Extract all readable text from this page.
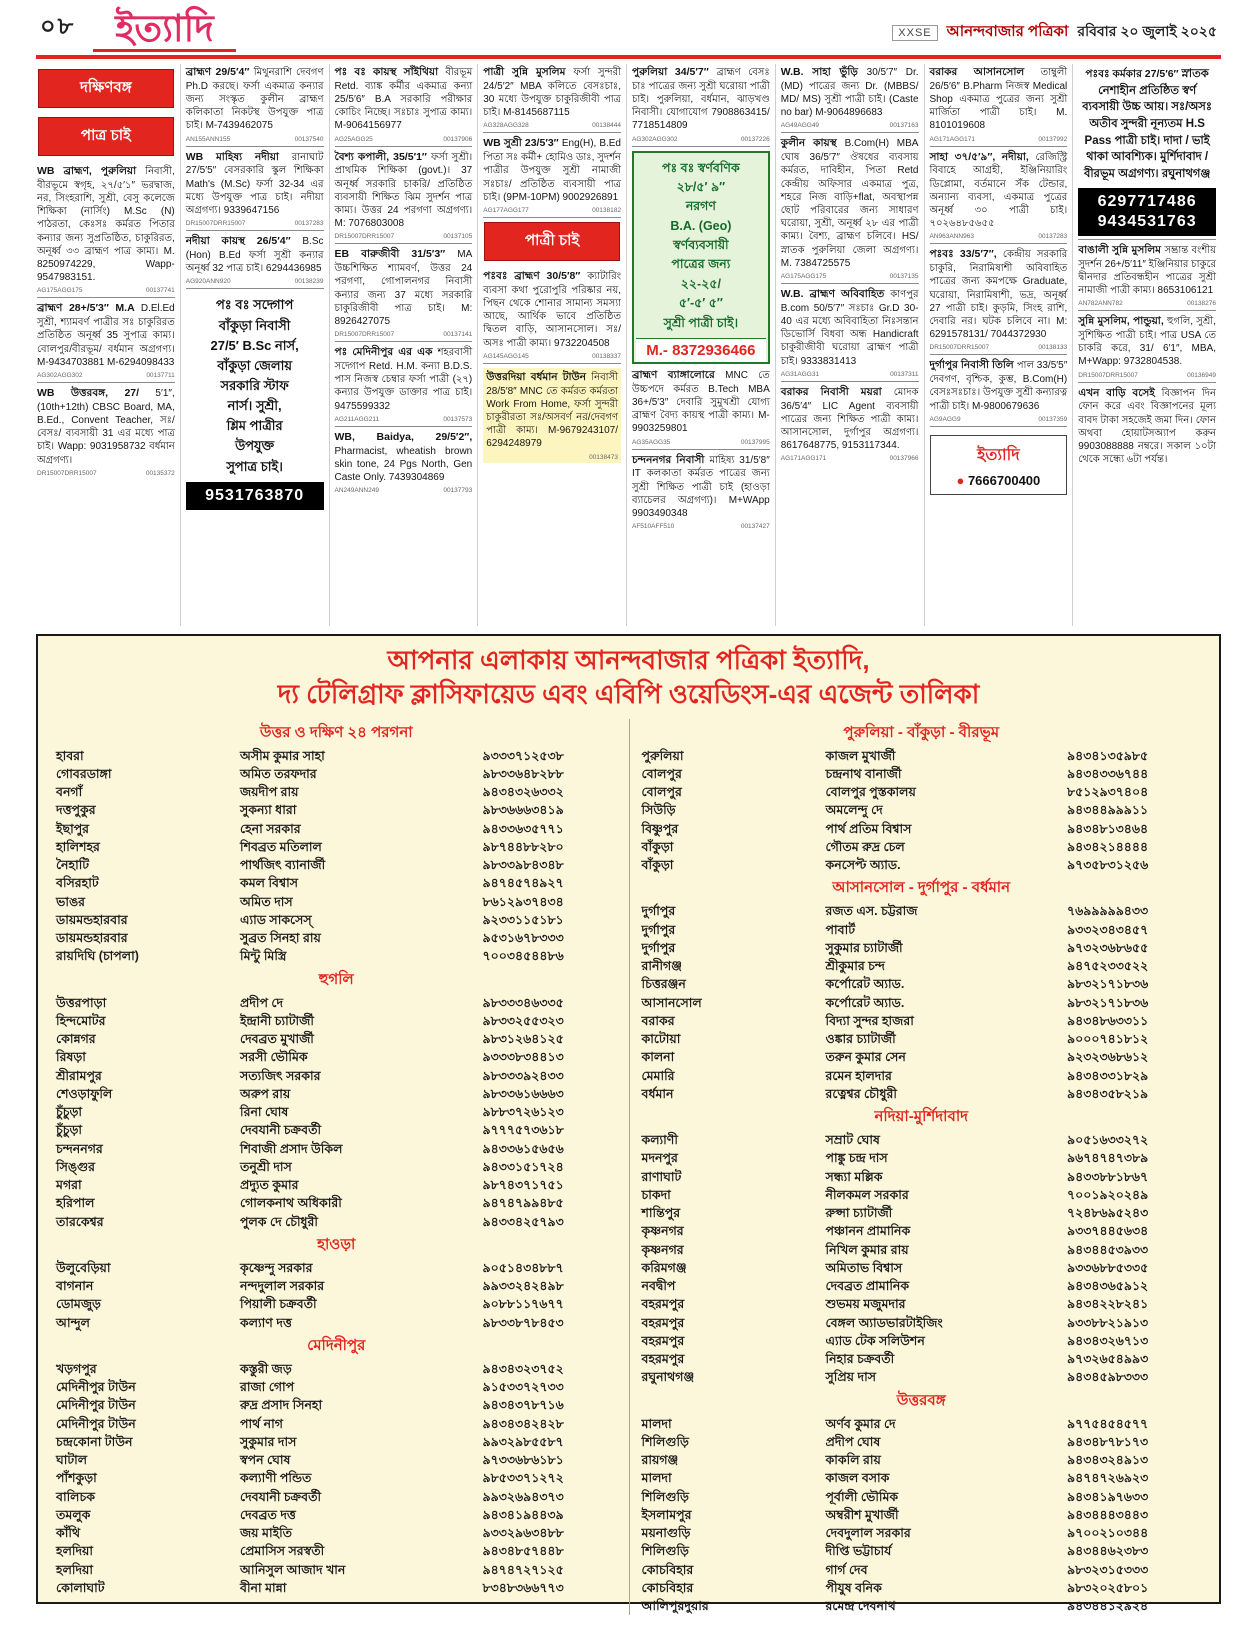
০৮	ইত্যাদি	XXSE	আনন্দবাজার পত্রিকা রবিবার ২০ জুলাই ২০২৫
দক্ষিণবঙ্গ
পাত্র চাই

WB ব্রাহ্মণ, পুরুলিয়া নিবাসী, বীরভূমে স্বগৃহ, ২৭/৫′১″ ভরদ্বাজ, নর, সিংহরাশি, সুশ্রী, বেসু কলেজে শিক্ষিকা (নার্সিং) M.Sc (N) পাঠরতা, কেঃসঃ কর্মরত পিতার কন্যার জন্য সুপ্রতিষ্ঠিত, চাকুরিরত, অনূর্ধ্ব ৩৩ ব্রাহ্মণ পাত্র কাম্য। M. 8250974229, Wapp- 9547983151.

AG175AGG175	00137741

ব্রাহ্মণ 28+/5′3″ M.A D.El.Ed সুশ্রী, শ্যামবর্ণ পাত্রীর সঃ চাকুরিরত প্রতিষ্ঠিত অনূর্ধ্ব 35 সুপাত্র কাম্য। বোলপুর/বীরভূম/ বর্ধমান অগ্রগণ্য। M-9434703881 M-6294098433

AG302AGG302	00137711

WB উত্তরবঙ্গ, 27/ 5′1″, (10th+12th) CBSC Board, MA, B.Ed., Convent Teacher, সঃ/ বেসঃ/ ব্যবসায়ী 31 এর মধ্যে পাত্র চাই। Wapp: 9031958732 বর্ধমান অগ্রগণ্য।

DR15007DRR15007	00135372

ব্রাহ্মণ 29/5′4″ মিথুনরাশি দেবগণ Ph.D করছে। ফর্সা একমাত্র কন্যার জন্য সংস্কৃত কুলীন ব্রাহ্মণ কলিকাতা নিকটস্থ উপযুক্ত পাত্র চাই। M-7439462075

AN155ANN155	00137540

WB মাহিষ্য নদীয়া রানাঘাট 27/5′5″ বেসরকারি স্কুল শিক্ষিকা Math's (M.Sc) ফর্সা 32-34 এর মধ্যে উপযুক্ত পাত্র চাই। নদীয়া অগ্রগণ্য। 9339647156

DR15007DRR15007	00137283

নদীয়া কায়স্থ 26/5′4″ B.Sc (Hon) B.Ed ফর্সা সুশ্রী কন্যার অনূর্ধ্ব 32 পাত্র চাই। 6294436985

AG920ANN920	00138239
পঃ বঃ সদ্গোপ
বাঁকুড়া নিবাসী
27/5′ B.Sc নার্স,
বাঁকুড়া জেলায়
সরকারি স্টাফ
নার্স। সুশ্রী,
শ্লিম পাত্রীর
উপযুক্ত
সুপাত্র চাই।
9531763870

পঃ বঃ কায়স্থ সাঁইথিয়া বীরভূম Retd. ব্যাঙ্ক কর্মীর একমাত্র কন্যা 25/5′6″ B.A সরকারি পরীক্ষার কোচিং নিচ্ছে। সঃচাঃ সুপাত্র কাম্য। M-9064156977

AG25AGG25	00137906

বৈশ্য কপালী, 35/5′1″ ফর্সা সুশ্রী। প্রাথমিক শিক্ষিকা (govt.)। 37 অনূর্ধ্ব সরকারি চাকরি/ প্রতিষ্ঠিত ব্যবসায়ী শিক্ষিত ঝিম সুদর্শন পাত্র কাম্য। উত্তর 24 পরগণা অগ্রগণ্য। M: 7076803008

DR15007DRR15007	00137105

EB বারুজীবী 31/5′3″ MA উচ্চশিক্ষিত শ্যামবর্ণ, উত্তর 24 পরগণা, গোপালনগর নিবাসী কন্যার জন্য 37 মধ্যে সরকারি চাকুরিজীবী পাত্র চাই। M: 8926427075

DR15007DRR15007	00137141

পঃ মেদিনীপুর এর এক শহরবাসী সদ্গোপ Retd. H.M. কন্যা B.D.S. পাস নিজস্ব চেম্বার ফর্সা পাত্রী (২৭) কন্যার উপযুক্ত ডাক্তার পাত্র চাই। 9475599332

AG211AGG211	00137573

WB, Baidya, 29/5′2″, Pharmacist, wheatish brown skin tone, 24 Pgs North, Gen Caste Only. 7439304869

AN249ANN249	00137793

পাত্রী সুন্নি মুসলিম ফর্সা সুন্দরী 24/5′2″ MBA কলিতে বেসঃচাঃ, 30 মধ্যে উপযুক্ত চাকুরিজীবী পাত্র চাই। M-8145687115

AG328AGG328	00138444

WB সুশ্রী 23/5′3″ Eng(H), B.Ed পিতা সঃ কর্মী+ হোমিও ডাঃ, সুদর্শন পাত্রীর উপযুক্ত সুশ্রী নামাজী সঃচাঃ/ প্রতিষ্ঠিত ব্যবসায়ী পাত্র চাই। (9PM-10PM) 9002926891

AG177AGG177	00138182
পাত্রী চাই

পঃবঃ ব্রাহ্মণ 30/5′8″ ক্যাটারিং ব্যবসা কথা পুরোপুরি পরিষ্কার নয়, পিছন থেকে শোনার সামান্য সমস্যা আছে, আর্থিক ভাবে প্রতিষ্ঠিত দ্বিতল বাড়ি, আসানসোল। সঃ/অসঃ পাত্রী কাম্য। 9732204508

AG145AGG145	00138337

উত্তরদিয়া বর্ধমান টাউন নিবাসী 28/5′8″ MNC তে কর্মরত কর্মরতা Work From Home, ফর্সা সুন্দরী চাকুরীরতা সঃ/অসবর্ণ নর/দেবগণ পাত্রী কাম্য। M-9679243107/ 6294248979

00138473

পুরুলিয়া 34/5′7″ ব্রাহ্মণ বেসঃ চাঃ পাত্রের জন্য সুশ্রী ঘরোয়া পাত্রী চাই। পুরুলিয়া, বর্ধমান, ঝাড়খণ্ড নিবাসী। যোগাযোগ 7908863415/ 7718514809

AG302AGG302	00137226
পঃ বঃ স্বর্ণবণিক
২৮/৫′ ৯″
নরগণ
B.A. (Geo)
স্বর্ণব্যবসায়ী
পাত্রের জন্য
২২-২৫/
৫′-৫′ ৫″
সুশ্রী পাত্রী চাই।
M.- 8372936466

ব্রাহ্মণ ব্যাঙ্গালোরে MNC তে উচ্চপদে কর্মরত B.Tech MBA 36+/5′3″ দেবারি সুমুখশ্রী যোগ্য ব্রাহ্মণ বৈদ্য কায়স্থ পাত্রী কাম্য। M-9903259801

AG35AGG35	00137995

চন্দননগর নিবাসী মাহিষ্য 31/5′8″ IT কলকাতা কর্মরত পাত্রের জন্য সুশ্রী শিক্ষিত পাত্রী চাই (হাওড়া ব্যাচেলর অগ্রগণ্য)। M+WApp 9903490348

AF510AFF510	00137427

W.B. সাহা ভুঁড়ি 30/5′7″ Dr. (MD) পাত্রের জন্য Dr. (MBBS/ MD/ MS) সুশ্রী পাত্রী চাই। (Caste no bar) M-9064896683

AG49AGG49	00137163

কুলীন কায়স্থ B.Com(H) MBA ঘোষ 36/5′7″ ঔষধের ব্যবসায় কর্মরত, দাবিহীন, পিতা Retd কেন্দ্রীয় অফিসার একমাত্র পুত্র, শহরে নিজ বাড়ি+flat, অবস্থাপন্ন ছোট পরিবারের জন্য সাধারণ ঘরোয়া, সুশ্রী, অনূর্ধ্ব ২৮ এর পাত্রী কাম্য। বৈশ্য, ব্রাহ্মণ চলিবে। HS/স্নাতক পুরুলিয়া জেলা অগ্রগণ্য। M. 7384725575

AG175AGG175	00137135

W.B. ব্রাহ্মণ অবিবাহিত কাণপুর B.com 50/5′7″ সঃচাঃ Gr.D 30-40 এর মধ্যে অবিবাহিতা নিঃসন্তান ডিভোর্সি বিধবা অন্ধ Handicraft চাকুরীজীবী ঘরোয়া ব্রাহ্মণ পাত্রী চাই। 9333831413

AG31AGG31	00137311

বরাকর নিবাসী ময়রা মোদক 36/5′4″ LIC Agent ব্যবসায়ী পাত্রের জন্য শিক্ষিত পাত্রী কাম্য। আসানসোল, দুর্গাপুর অগ্রগণ্য। 8617648775, 9153117344.

AG171AGG171	00137966

বরাকর আসানসোল তাম্বুলী 26/5′6″ B.Pharm নিজস্ব Medical Shop একমাত্র পুত্রের জন্য সুশ্রী মার্জিতা পাত্রী চাই। M. 8101019608

AG171AGG171	00137992

সাহা ৩৭/৫′৯″, নদীয়া, রেজিস্ট্রি বিবাহে আগ্রহী, ইঞ্জিনিয়ারিং ডিপ্লোমা, বর্তমানে সঁক টেন্ডার, অন্যান্য ব্যবসা, একমাত্র পুত্রের অনূর্ধ্ব ৩০ পাত্রী চাই। ৭০২৬৪৮৫৬৫৫

AN963ANN963	00137283

পঃবঃ 33/5′7″, কেন্দ্রীয় সরকারি চাকুরি, নিরামিষাশী অবিবাহিত পাত্রের জন্য কমপক্ষে Graduate, ঘরোয়া, নিরামিষাশী, ভদ্র, অনূর্ধ্ব 27 পাত্রী চাই। কুড়মি, সিংহ রাশি, দেবারি নর। ঘটক চলিবে না। M: 6291578131/ 7044372930

DR15007DRR15007	00138133

দুর্গাপুর নিবাসী তিলি পাল 33/5′5″ দেবগণ, বৃশ্চিক, কুম্ভ, B.Com(H) বেসঃসঃচাঃ। উপযুক্ত সুশ্রী কন্যারত্ন পাত্রী চাই। M-9800679636

AG9AGG9	00137359
ইত্যাদি
● 7666700400

পঃবঃ কর্মকার 27/5′6″ স্নাতক নেশাহীন প্রতিষ্ঠিত স্বর্ণ ব্যবসায়ী উচ্চ আয়। সঃ/অসঃ অতীব সুন্দরী নূন্যতম H.S Pass পাত্রী চাই। দাদা / ভাই থাকা আবশ্যিক। মুর্শিদাবাদ / বীরভূম অগ্রগণ্য। রঘুনাথগঞ্জ

6297717486
9434531763

বাঙালী সুন্নি মুসলিম সম্ভ্রান্ত বংশীয় সুদর্শন 26+/5′11″ ইঞ্জিনিয়ার চাকুরে দ্বীনদার প্রতিবন্ধহীন পাত্রের সুশ্রী নামাজী পাত্রী কাম্য। 8653106121

AN782ANN782	00138276

সুন্নি মুসলিম, পান্ডুয়া, হুগলি, সুশ্রী, সুশিক্ষিত পাত্রী চাই। পাত্র USA তে চাকরি করে, 31/ 6′1″, MBA, M+Wapp: 9732804538.

DR15007DRR15007	00136949

এখন বাড়ি বসেই বিজ্ঞাপন দিন ফোন করে এবং বিজ্ঞাপনের মূল্য বাবদ টাকা সহজেই জমা দিন। ফোন অথবা হোয়াটসঅ্যাপ করুন 9903088888 নম্বরে। সকাল ১০টা থেকে সন্ধ্যে ৬টা পর্যন্ত।

আপনার এলাকায় আনন্দবাজার পত্রিকা ইত্যাদি,
দ্য টেলিগ্রাফ ক্লাসিফায়েড এবং এবিপি ওয়েডিংস-এর এজেন্ট তালিকা
উত্তর ও দক্ষিণ ২৪ পরগনা
হাবরা	অসীম কুমার সাহা	৯৩৩৩৭১২৫৩৮
গোবরডাঙ্গা	অমিত তরফদার	৯৮৩৩৬৪৮২৮৮
বনগাঁ	জয়দীপ রায়	৯৪৩৪৩২৬৩৩২
দত্তপুকুর	সুকন্যা ধারা	৯৮৩৬৬৬৩৪১৯
ইছাপুর	হেনা সরকার	৯৪৩৩৬৩৫৭৭১
হালিশহর	শিবব্রত মতিলাল	৯৮৭৪৪৮৮২৮০
নৈহাটি	পার্থজিৎ ব্যানার্জী	৯৮৩৩৯৮৪৩৪৮
বসিরহাট	কমল বিশ্বাস	৯৪৭৪৫৭৪৯২৭
ভাঙর	অমিত দাস	৮৬১২৯৩৭৪৩৪
ডায়মন্ডহারবার	এ্যাড সাকসেস্	৯২৩৩১১৫১৮১
ডায়মন্ডহারবার	সুব্রত সিনহা রায়	৯৫৩১৬৭৮৩৩৩
রায়দিঘি (চাপলা)	মিন্টু মিস্ত্রি	৭০০৩৪৫৪৪৮৬
হুগলি
উত্তরপাড়া	প্রদীপ দে	৯৮৩৩৩৪৬৩৩৫
হিন্দমোটর	ইন্দ্রানী চ্যাটার্জী	৯৮৩৩২৫৫৩২৩
কোন্নগর	দেবব্রত মুখার্জী	৯৮৩১২৬৪১২৫
রিষড়া	সরসী ভৌমিক	৯৩৩৩৮৩৪৪১৩
শ্রীরামপুর	সত্যজিৎ সরকার	৯৮৩৩৩৯২৪৩৩
শেওড়াফুলি	অরুপ রায়	৯৮৩৩৬১৬৬৬৩
চুঁচুড়া	রিনা ঘোষ	৯৮৮৩৭২৬১২৩
চুঁচুড়া	দেবযানী চক্রবর্তী	৯৭৭৭৫৭৩৬১৮
চন্দননগর	শিবাজী প্রসাদ উকিল	৯৪৩৩৬১৫৬৫৬
সিঙ্গুর	তনুশ্রী দাস	৯৪৩৩১৫১৭২৪
মগরা	প্রদ্যুত কুমার	৯৮৭৪৩৭১৭৫১
হরিপাল	গোলকনাথ অধিকারী	৯৪৭৪৭৯৯৪৮৫
তারকেশ্বর	পুলক দে চৌধুরী	৯৪৩৩৪২৫৭৯৩
হাওড়া
উলুবেড়িয়া	কৃষ্ণেন্দু সরকার	৯০৫১৪৩৪৮৮৭
বাগনান	নন্দদুলাল সরকার	৯৯৩৩২৪২৪৯৮
ডোমজুড়	পিয়ালী চক্রবর্তী	৯০৮৮১১৭৬৭৭
আন্দুল	কল্যাণ দত্ত	৯৮৩৩৮৭৮৪৫৩
মেদিনীপুর
খড়গপুর	কস্তুরী জড়	৯৪৩৪৩২৩৭৫২
মেদিনীপুর টাউন	রাজা গোপ	৯১৫৩৩৭২৭৩৩
মেদিনীপুর টাউন	রুদ্র প্রসাদ সিনহা	৯৪৩৪৩৭৮৭১৬
মেদিনীপুর টাউন	পার্থ নাগ	৯৪৩৪৩৪২৪২৮
চন্দ্রকোনা টাউন	সুকুমার দাস	৯৯৩২৯৮৫৫৮৭
ঘাটাল	স্বপন ঘোষ	৯৭৩৩৬৮৬১৮১
পাঁশকুড়া	কল্যাণী পন্ডিত	৯৮৫৩৩৭১২৭২
বালিচক	দেবযানী চক্রবর্তী	৯৯৩২৬৯৪৩৭৩
তমলুক	দেবব্রত দত্ত	৯৪৩৪১৯৪৪৩৯
কাঁথি	জয় মাইতি	৯৩৩২৯৬৩৪৮৮
হলদিয়া	প্রেমাসিস সরস্বতী	৯৪৩৪৮৫৭৪৪৮
হলদিয়া	আনিসুল আজাদ খান	৯৪৭৪৭২৭১২৫
কোলাঘাট	বীনা মান্না	৮৩৪৮৩৬৬৭৭৩
পুরুলিয়া - বাঁকুড়া - বীরভূম
পুরুলিয়া	কাজল মুখার্জী	৯৪৩৪১৩৫৯৮৫
বোলপুর	চন্দ্রনাথ বানার্জী	৯৪৩৪৩৩৬৭৪৪
বোলপুর	বোলপুর পুস্তকালয়	৮৫১২৯৩৭৪০৪
সিউড়ি	অমলেন্দু দে	৯৪৩৪৪৯৯৯১১
বিষ্ণুপুর	পার্থ প্রতিম বিশ্বাস	৯৪৩৪৮১৩৪৬৪
বাঁকুড়া	গৌতম রুদ্র চেল	৯৪৩৪২১৪৪৪৪
বাঁকুড়া	কনসেপ্ট অ্যাড.	৯৭৩৫৮৩১২৫৬
আসানসোল - দুর্গাপুর - বর্ধমান
দুর্গাপুর	রজত এস. চট্টরাজ	৭৬৯৯৯৯৯৪৩৩
দুর্গাপুর	পাবার্ট	৯৩৩২৩৪৩৪৫৭
দুর্গাপুর	সুকুমার চ্যাটার্জী	৯৭৩২৩৬৮৬৫৫
রানীগঞ্জ	শ্রীকুমার চন্দ	৯৪৭৫২৩৩৫২২
চিত্তরঞ্জন	কর্পোরেট অ্যাড.	৯৮৩২১৭১৮৩৬
আসানসোল	কর্পোরেট অ্যাড.	৯৮৩২১৭১৮৩৬
বরাকর	বিদ্যা সুন্দর হাজরা	৯৪৩৪৮৬৩৩১১
কাটোয়া	ওঙ্কার চ্যাটার্জী	৯০০০৭৪১৮১২
কালনা	তরুন কুমার সেন	৯২৩২৩৬৮৬১২
মেমারি	রমেন হালদার	৯৪৩৪৩৩১৮২৯
বর্ধমান	রত্নেশ্বর চৌধুরী	৯৪৩৪৩৫৮২১৯
নদিয়া-মুর্শিদাবাদ
কল্যাণী	সম্রাট ঘোষ	৯০৫১৬৩৩২৭২
মদনপুর	পাঙ্কু চন্দ্র দাস	৯৬৭৪৭৪৭৩৮৯
রাণাঘাট	সন্ধ্যা মল্লিক	৯৪৩৩৮৮১৮৬৭
চাকদা	নীলকমল সরকার	৭০০১৯২০২৪৯
শান্তিপুর	রুপ্সা চ্যাটার্জী	৭২৪৮৬৯৫২৪৩
কৃষ্ণনগর	পঞ্চানন প্রামানিক	৯৩৩৭৪৪৫৬৩৪
কৃষ্ণনগর	নিখিল কুমার রায়	৯৪৩৪৪৫৩৯৩৩
করিমগঞ্জ	অমিতাভ বিশ্বাস	৯৩৩৬৮৮৫৩৩৫
নবদ্বীপ	দেবব্রত প্রামানিক	৯৪৩৪৩৬৫৯১২
বহরমপুর	শুভময় মজুমদার	৯৪৩৪২২৮২৪১
বহরমপুর	বেঙ্গল অ্যাডভারটাইজিং	৯৩৩৮৮২১৯১৩
বহরমপুর	এ্যাড টেক সলিউশন	৯৪৩৪৩২৬৭১৩
বহরমপুর	নিহার চক্রবর্তী	৯৭৩২৬৫৪৯৯৩
রঘুনাথগঞ্জ	সুপ্রিয় দাস	৯৪৩৪৫৯৮৩৩৩
উত্তরবঙ্গ
মালদা	অর্ণব কুমার দে	৯৭৭৫৪৫৪৫৭৭
শিলিগুড়ি	প্রদীপ ঘোষ	৯৪৩৪৮৭৮১৭৩
রায়গঞ্জ	কাকলি রায়	৯৪৩৪৩২৪৯১৩
মালদা	কাজল বসাক	৯৪৭৪৭২৬৯২৩
শিলিগুড়ি	পূর্বালী ভৌমিক	৯৪৩৪১৯৭৬৩৩
ইসলামপুর	অম্বরীশ মুখার্জী	৯৪৩৪৪৪৩৪৪৩
ময়নাগুড়ি	দেবদুলাল সরকার	৯৭০০২১০৩৪৪
শিলিগুড়ি	দীপ্তি ভট্টাচার্য	৯৪৩৪৪৬২৩৮৩
কোচবিহার	গার্গ দেব	৯৮৩২৩১৫৩৩৩
কোচবিহার	পীযুষ বনিক	৯৮৩২০২৫৮০১
আলিপুরদুয়ার	রমেন্দ্র দেবনাথ	৯৪৩৪৪১২৯২৪
